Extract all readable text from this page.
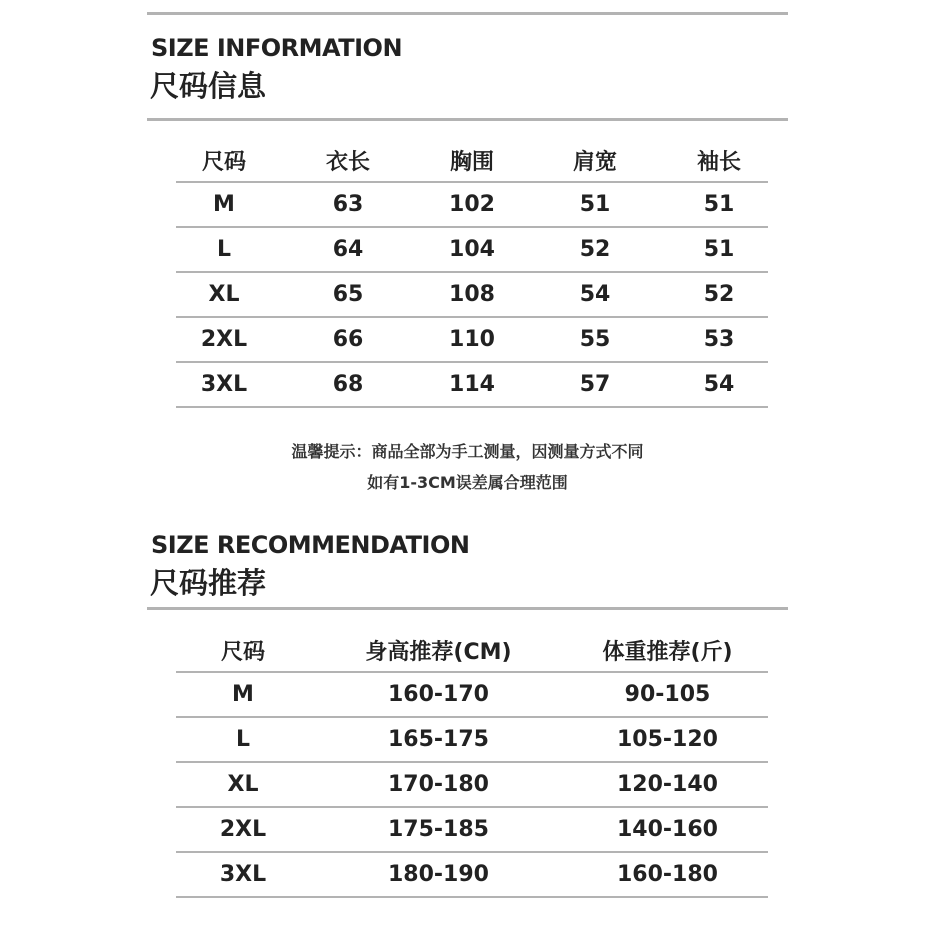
SIZE INFORMATION
尺码信息
尺码	衣长	胸围	肩宽	袖长
M	63	102	51	51
L	64	104	52	51
XL	65	108	54	52
2XL	66	110	55	53
3XL	68	114	57	54
温馨提示：商品全部为手工测量，因测量方式不同
如有1-3CM误差属合理范围
SIZE RECOMMENDATION
尺码推荐
尺码	身高推荐(CM)	体重推荐(斤)
M	160-170	90-105
L	165-175	105-120
XL	170-180	120-140
2XL	175-185	140-160
3XL	180-190	160-180
